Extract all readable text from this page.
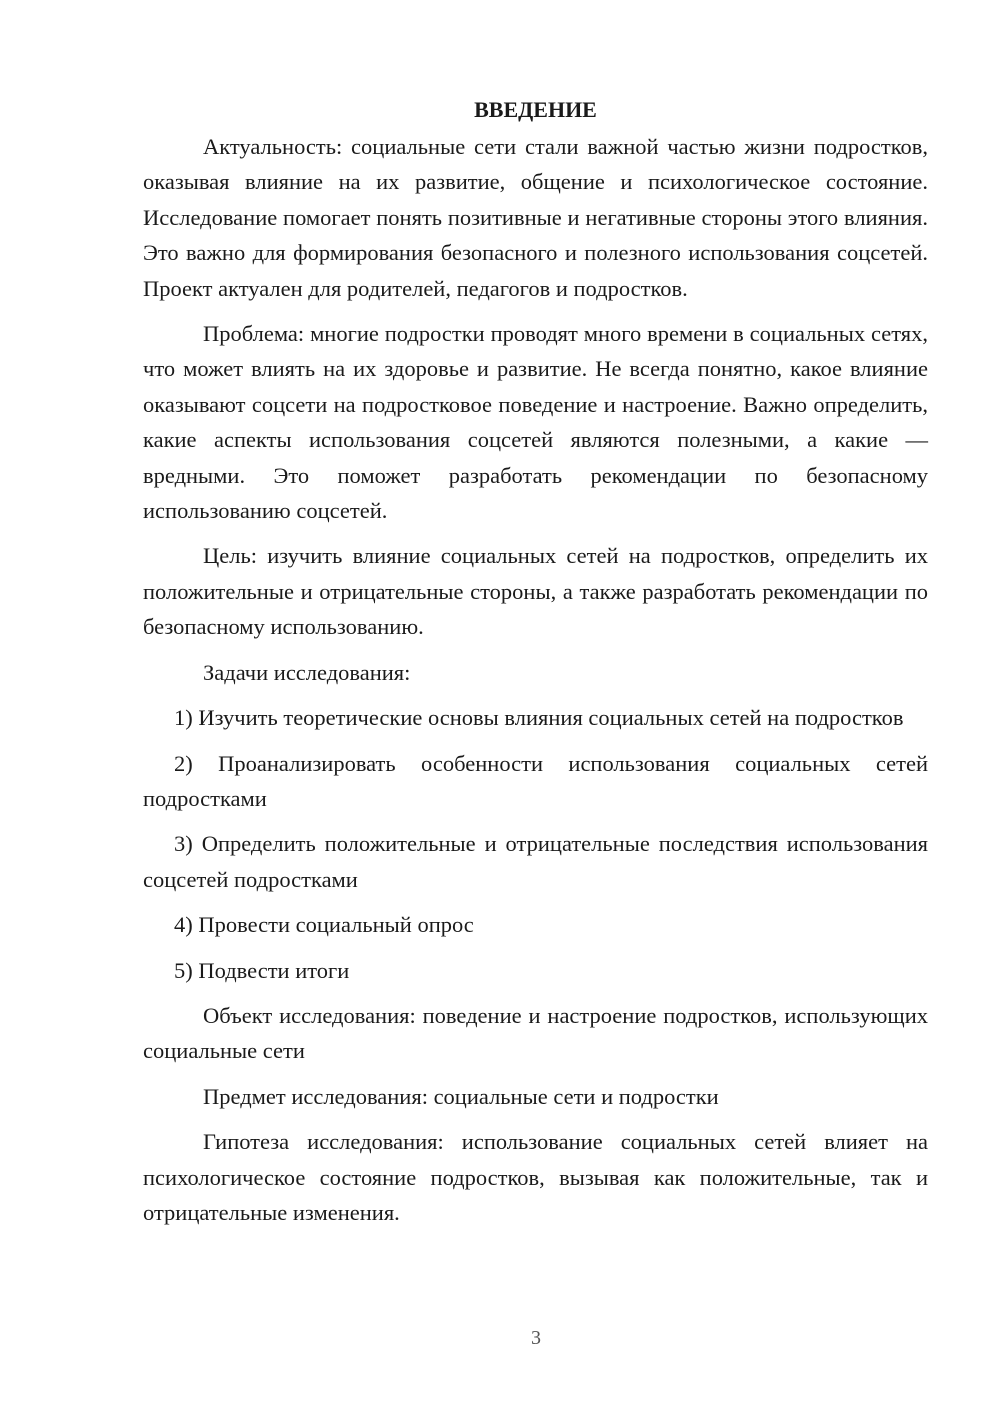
ВВЕДЕНИЕ

Актуальность: социальные сети стали важной частью жизни подростков, оказывая влияние на их развитие, общение и психологическое состояние. Исследование помогает понять позитивные и негативные стороны этого влияния. Это важно для формирования безопасного и полезного использования соцсетей. Проект актуален для родителей, педагогов и подростков.

Проблема: многие подростки проводят много времени в социальных сетях, что может влиять на их здоровье и развитие. Не всегда понятно, какое влияние оказывают соцсети на подростковое поведение и настроение. Важно определить, какие аспекты использования соцсетей являются полезными, а какие — вредными. Это поможет разработать рекомендации по безопасному использованию соцсетей.

Цель: изучить влияние социальных сетей на подростков, определить их положительные и отрицательные стороны, а также разработать рекомендации по безопасному использованию.

Задачи исследования:

1) Изучить теоретические основы влияния социальных сетей на подростков

2) Проанализировать особенности использования социальных сетей подростками

3) Определить положительные и отрицательные последствия использования соцсетей подростками

4) Провести социальный опрос

5) Подвести итоги

Объект исследования: поведение и настроение подростков, использующих социальные сети

Предмет исследования: социальные сети и подростки

Гипотеза исследования: использование социальных сетей влияет на психологическое состояние подростков, вызывая как положительные, так и отрицательные изменения.

3
